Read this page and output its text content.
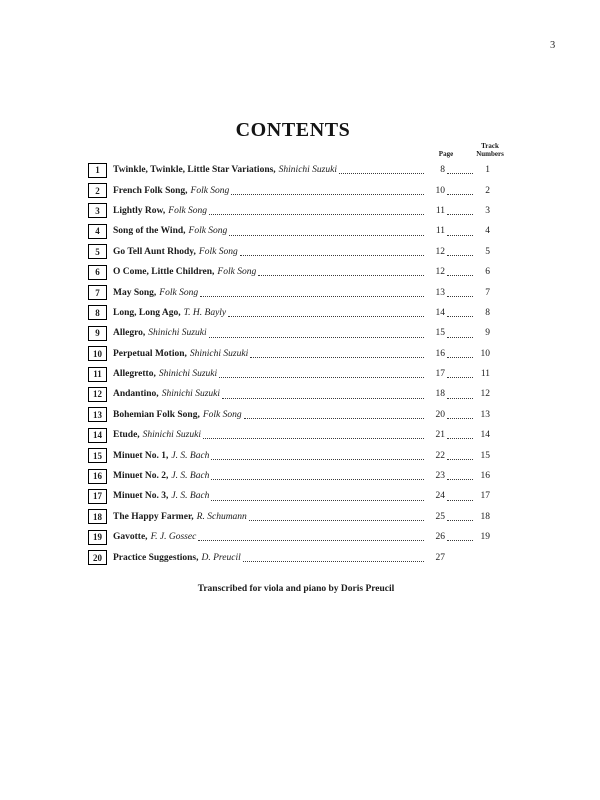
3
CONTENTS
Page
Track
Numbers
1 Twinkle, Twinkle, Little Star Variations, Shinichi Suzuki	8	1
2 French Folk Song, Folk Song	10	2
3 Lightly Row, Folk Song	11	3
4 Song of the Wind, Folk Song	11	4
5 Go Tell Aunt Rhody, Folk Song	12	5
6 O Come, Little Children, Folk Song	12	6
7 May Song, Folk Song	13	7
8 Long, Long Ago, T. H. Bayly	14	8
9 Allegro, Shinichi Suzuki	15	9
10 Perpetual Motion, Shinichi Suzuki	16	10
11 Allegretto, Shinichi Suzuki	17	11
12 Andantino, Shinichi Suzuki	18	12
13 Bohemian Folk Song, Folk Song	20	13
14 Etude, Shinichi Suzuki	21	14
15 Minuet No. 1, J. S. Bach	22	15
16 Minuet No. 2, J. S. Bach	23	16
17 Minuet No. 3, J. S. Bach	24	17
18 The Happy Farmer, R. Schumann	25	18
19 Gavotte, F. J. Gossec	26	19
20 Practice Suggestions, D. Preucil	27
Transcribed for viola and piano by Doris Preucil
